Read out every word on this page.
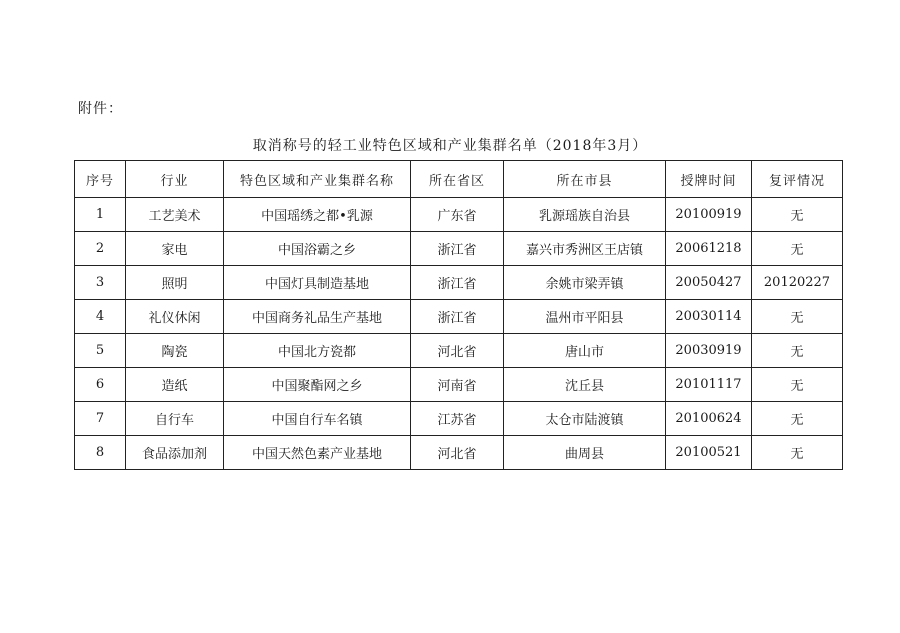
附件：
取消称号的轻工业特色区域和产业集群名单（2018年3月）
序号	行业	特色区域和产业集群名称	所在省区	所在市县	授牌时间	复评情况
1	工艺美术	中国瑶绣之都•乳源	广东省	乳源瑶族自治县	20100919	无
2	家电	中国浴霸之乡	浙江省	嘉兴市秀洲区王店镇	20061218	无
3	照明	中国灯具制造基地	浙江省	余姚市梁弄镇	20050427	20120227
4	礼仪休闲	中国商务礼品生产基地	浙江省	温州市平阳县	20030114	无
5	陶瓷	中国北方瓷都	河北省	唐山市	20030919	无
6	造纸	中国聚酯网之乡	河南省	沈丘县	20101117	无
7	自行车	中国自行车名镇	江苏省	太仓市陆渡镇	20100624	无
8	食品添加剂	中国天然色素产业基地	河北省	曲周县	20100521	无
